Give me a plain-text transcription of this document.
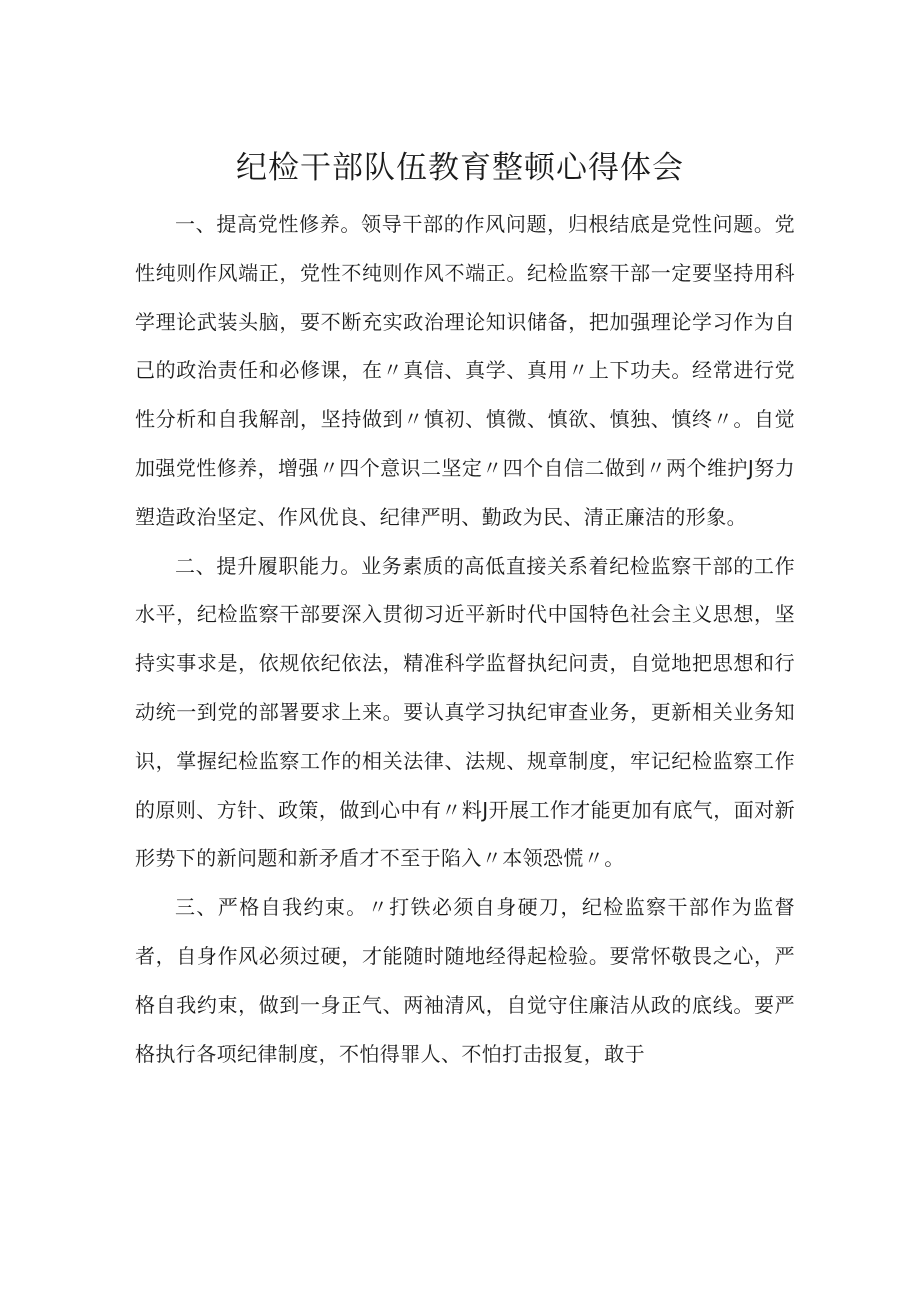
纪检干部队伍教育整顿心得体会

一、提高党性修养。领导干部的作风问题，归根结底是党性问题。党性纯则作风端正，党性不纯则作风不端正。纪检监察干部一定要坚持用科学理论武装头脑，要不断充实政治理论知识储备，把加强理论学习作为自己的政治责任和必修课，在〃真信、真学、真用〃上下功夫。经常进行党性分析和自我解剖，坚持做到〃慎初、慎微、慎欲、慎独、慎终〃。自觉加强党性修养，增强〃四个意识二坚定〃四个自信二做到〃两个维护J努力塑造政治坚定、作风优良、纪律严明、勤政为民、清正廉洁的形象。

二、提升履职能力。业务素质的高低直接关系着纪检监察干部的工作水平，纪检监察干部要深入贯彻习近平新时代中国特色社会主义思想，坚持实事求是，依规依纪依法，精准科学监督执纪问责，自觉地把思想和行动统一到党的部署要求上来。要认真学习执纪审查业务，更新相关业务知识，掌握纪检监察工作的相关法律、法规、规章制度，牢记纪检监察工作的原则、方针、政策，做到心中有〃料J开展工作才能更加有底气，面对新形势下的新问题和新矛盾才不至于陷入〃本领恐慌〃。

三、严格自我约束。〃打铁必须自身硬刀，纪检监察干部作为监督者，自身作风必须过硬，才能随时随地经得起检验。要常怀敬畏之心，严格自我约束，做到一身正气、两袖清风，自觉守住廉洁从政的底线。要严格执行各项纪律制度，不怕得罪人、不怕打击报复，敢于
